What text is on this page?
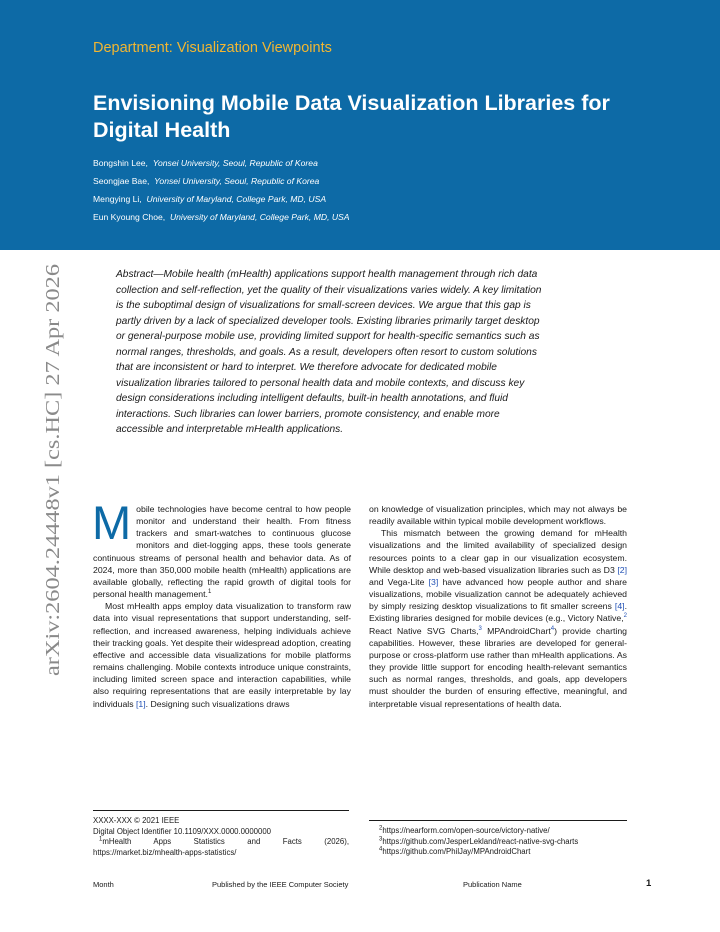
Department: Visualization Viewpoints
Envisioning Mobile Data Visualization Libraries for Digital Health
Bongshin Lee, Yonsei University, Seoul, Republic of Korea
Seongjae Bae, Yonsei University, Seoul, Republic of Korea
Mengying Li, University of Maryland, College Park, MD, USA
Eun Kyoung Choe, University of Maryland, College Park, MD, USA
arXiv:2604.24448v1 [cs.HC] 27 Apr 2026
Abstract—Mobile health (mHealth) applications support health management through rich data collection and self-reflection, yet the quality of their visualizations varies widely. A key limitation is the suboptimal design of visualizations for small-screen devices. We argue that this gap is partly driven by a lack of specialized developer tools. Existing libraries primarily target desktop or general-purpose mobile use, providing limited support for health-specific semantics such as normal ranges, thresholds, and goals. As a result, developers often resort to custom solutions that are inconsistent or hard to interpret. We therefore advocate for dedicated mobile visualization libraries tailored to personal health data and mobile contexts, and discuss key design considerations including intelligent defaults, built-in health annotations, and fluid interactions. Such libraries can lower barriers, promote consistency, and enable more accessible and interpretable mHealth applications.

Mobile technologies have become central to how people monitor and understand their health. From fitness trackers and smart-watches to continuous glucose monitors and diet-logging apps, these tools generate continuous streams of personal health and behavior data. As of 2024, more than 350,000 mobile health (mHealth) applications are available globally, reflecting the rapid growth of digital tools for personal health management.$^1$

Most mHealth apps employ data visualization to transform raw data into visual representations that support understanding, self-reflection, and increased awareness, helping individuals achieve their tracking goals. Yet despite their widespread adoption, creating effective and accessible data visualizations for mobile platforms remains challenging. Mobile contexts introduce unique constraints, including limited screen space and interaction capabilities, while also requiring representations that are easily interpretable by lay individuals [1]. Designing such visualizations draws

on knowledge of visualization principles, which may not always be readily available within typical mobile development workflows.

This mismatch between the growing demand for mHealth visualizations and the limited availability of specialized design resources points to a clear gap in our visualization ecosystem. While desktop and web-based visualization libraries such as D3 [2] and Vega-Lite [3] have advanced how people author and share visualizations, mobile visualization cannot be adequately achieved by simply resizing desktop visualizations to fit smaller screens [4]. Existing libraries designed for mobile devices (e.g., Victory Native,$^2$ React Native SVG Charts,$^3$ MPAndroidChart$^4$) provide charting capabilities. However, these libraries are developed for general-purpose or cross-platform use rather than mHealth applications. As they provide little support for encoding health-relevant semantics such as normal ranges, thresholds, and goals, app developers must shoulder the burden of ensuring effective, meaningful, and interpretable visual representations of health data.

XXXX-XXX © 2021 IEEE
Digital Object Identifier 10.1109/XXX.0000.0000000
$^1$mHealth Apps Statistics and Facts (2026),
https://market.biz/mhealth-apps-statistics/
$^2$https://nearform.com/open-source/victory-native/
$^3$https://github.com/JesperLekland/react-native-svg-charts
$^4$https://github.com/PhilJay/MPAndroidChart
Month	Published by the IEEE Computer Society	Publication Name	1
